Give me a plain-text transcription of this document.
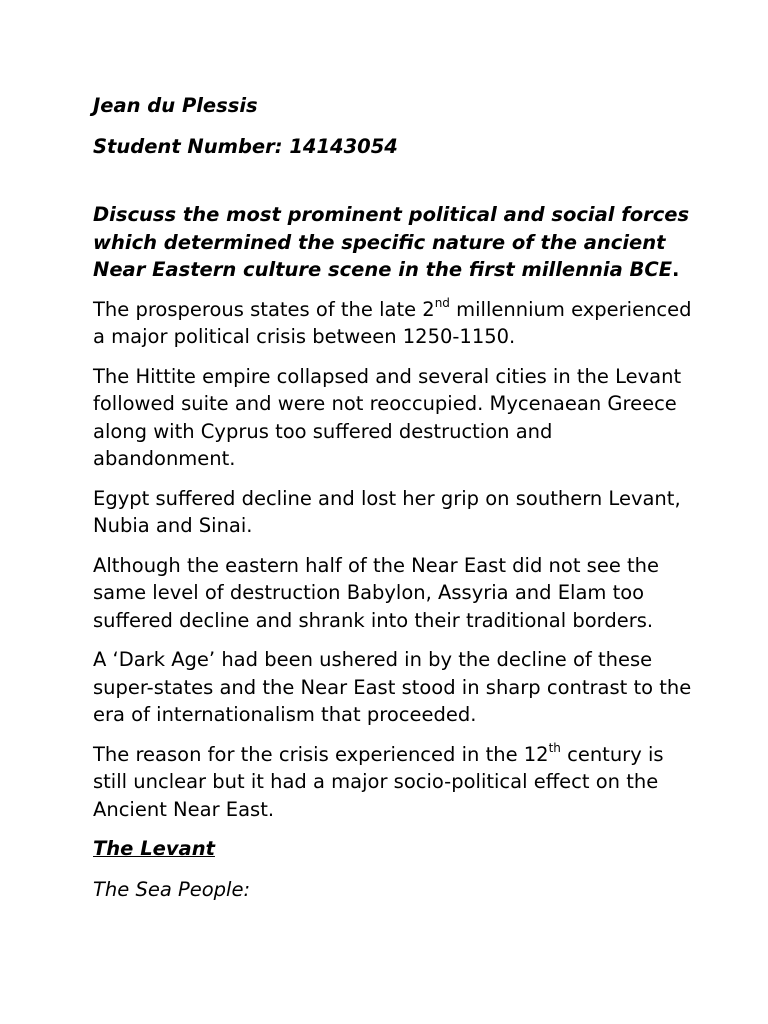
Jean du Plessis

Student Number: 14143054

Discuss the most prominent political and social forces which determined the specific nature of the ancient Near Eastern culture scene in the first millennia BCE.

The prosperous states of the late 2nd millennium experienced a major political crisis between 1250-1150.

The Hittite empire collapsed and several cities in the Levant followed suite and were not reoccupied. Mycenaean Greece along with Cyprus too suffered destruction and abandonment.

Egypt suffered decline and lost her grip on southern Levant, Nubia and Sinai.

Although the eastern half of the Near East did not see the same level of destruction Babylon, Assyria and Elam too suffered decline and shrank into their traditional borders.

A ‘Dark Age’ had been ushered in by the decline of these super-states and the Near East stood in sharp contrast to the era of internationalism that proceeded.

The reason for the crisis experienced in the 12th century is still unclear but it had a major socio-political effect on the Ancient Near East.

The Levant

The Sea People:
